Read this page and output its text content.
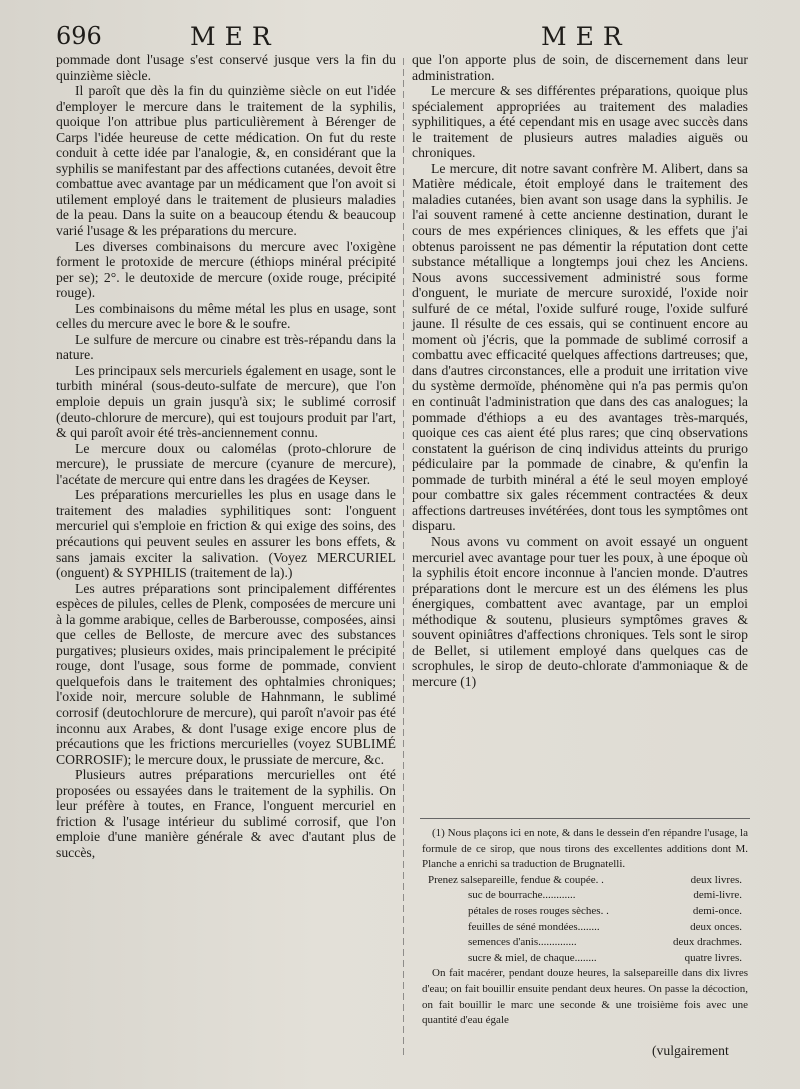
696	MER	MER

pommade dont l'usage s'est conservé jusque vers la fin du quinzième siècle.

Il paroît que dès la fin du quinzième siècle on eut l'idée d'employer le mercure dans le traitement de la syphilis, quoique l'on attribue plus particulièrement à Bérenger de Carps l'idée heureuse de cette médication. On fut du reste conduit à cette idée par l'analogie, &, en considérant que la syphilis se manifestant par des affections cutanées, devoit être combattue avec avantage par un médicament que l'on avoit si utilement employé dans le traitement de plusieurs maladies de la peau. Dans la suite on a beaucoup étendu & beaucoup varié l'usage & les préparations du mercure.

Les diverses combinaisons du mercure avec l'oxigène forment le protoxide de mercure (éthiops minéral précipité per se); 2°. le deutoxide de mercure (oxide rouge, précipité rouge).

Les combinaisons du même métal les plus en usage, sont celles du mercure avec le bore & le soufre.

Le sulfure de mercure ou cinabre est très-répandu dans la nature.

Les principaux sels mercuriels également en usage, sont le turbith minéral (sous-deuto-sulfate de mercure), que l'on emploie depuis un grain jusqu'à six; le sublimé corrosif (deuto-chlorure de mercure), qui est toujours produit par l'art, & qui paroît avoir été très-anciennement connu.

Le mercure doux ou calomélas (proto-chlorure de mercure), le prussiate de mercure (cyanure de mercure), l'acétate de mercure qui entre dans les dragées de Keyser.

Les préparations mercurielles les plus en usage dans le traitement des maladies syphilitiques sont: l'onguent mercuriel qui s'emploie en friction & qui exige des soins, des précautions qui peuvent seules en assurer les bons effets, & sans jamais exciter la salivation. (Voyez MERCURIEL (onguent) & SYPHILIS (traitement de la).)

Les autres préparations sont principalement différentes espèces de pilules, celles de Plenk, composées de mercure uni à la gomme arabique, celles de Barberousse, composées, ainsi que celles de Belloste, de mercure avec des substances purgatives; plusieurs oxides, mais principalement le précipité rouge, dont l'usage, sous forme de pommade, convient quelquefois dans le traitement des ophtalmies chroniques; l'oxide noir, mercure soluble de Hahnmann, le sublimé corrosif (deutochlorure de mercure), qui paroît n'avoir pas été inconnu aux Arabes, & dont l'usage exige encore plus de précautions que les frictions mercurielles (voyez SUBLIMÉ CORROSIF); le mercure doux, le prussiate de mercure, &c.

Plusieurs autres préparations mercurielles ont été proposées ou essayées dans le traitement de la syphilis. On leur préfère à toutes, en France, l'onguent mercuriel en friction & l'usage intérieur du sublimé corrosif, que l'on emploie d'une manière générale & avec d'autant plus de succès,

que l'on apporte plus de soin, de discernement dans leur administration.

Le mercure & ses différentes préparations, quoique plus spécialement appropriées au traitement des maladies syphilitiques, a été cependant mis en usage avec succès dans le traitement de plusieurs autres maladies aiguës ou chroniques.

Le mercure, dit notre savant confrère M. Alibert, dans sa Matière médicale, étoit employé dans le traitement des maladies cutanées, bien avant son usage dans la syphilis. Je l'ai souvent ramené à cette ancienne destination, durant le cours de mes expériences cliniques, & les effets que j'ai obtenus paroissent ne pas démentir la réputation dont cette substance métallique a longtemps joui chez les Anciens. Nous avons successivement administré sous forme d'onguent, le muriate de mercure suroxidé, l'oxide noir sulfuré de ce métal, l'oxide sulfuré rouge, l'oxide sulfuré jaune. Il résulte de ces essais, qui se continuent encore au moment où j'écris, que la pommade de sublimé corrosif a combattu avec efficacité quelques affections dartreuses; que, dans d'autres circonstances, elle a produit une irritation vive du système dermoïde, phénomène qui n'a pas permis qu'on en continuât l'administration que dans des cas analogues; la pommade d'éthiops a eu des avantages très-marqués, quoique ces cas aient été plus rares; que cinq observations constatent la guérison de cinq individus atteints du prurigo pédiculaire par la pommade de cinabre, & qu'enfin la pommade de turbith minéral a été le seul moyen employé pour combattre six gales récemment contractées & deux affections dartreuses invétérées, dont tous les symptômes ont disparu.

Nous avons vu comment on avoit essayé un onguent mercuriel avec avantage pour tuer les poux, à une époque où la syphilis étoit encore inconnue à l'ancien monde. D'autres préparations dont le mercure est un des élémens les plus énergiques, combattent avec avantage, par un emploi méthodique & soutenu, plusieurs symptômes graves & souvent opiniâtres d'affections chroniques. Tels sont le sirop de Bellet, si utilement employé dans quelques cas de scrophules, le sirop de deuto-chlorate d'ammoniaque & de mercure (1)

(1) Nous plaçons ici en note, & dans le dessein d'en répandre l'usage, la formule de ce sirop, que nous tirons des excellentes additions dont M. Planche a enrichi sa traduction de Brugnatelli.

Prenez salsepareille, fendue & coupée. .	deux livres.
suc de bourrache............	demi-livre.
pétales de roses rouges sèches. .	demi-once.
feuilles de séné mondées........	deux onces.
semences d'anis..............	deux drachmes.
sucre & miel, de chaque........	quatre livres.

On fait macérer, pendant douze heures, la salsepareille dans dix livres d'eau; on fait bouillir ensuite pendant deux heures. On passe la décoction, on fait bouillir le marc une seconde & une troisième fois avec une quantité d'eau égale

(vulgairement
